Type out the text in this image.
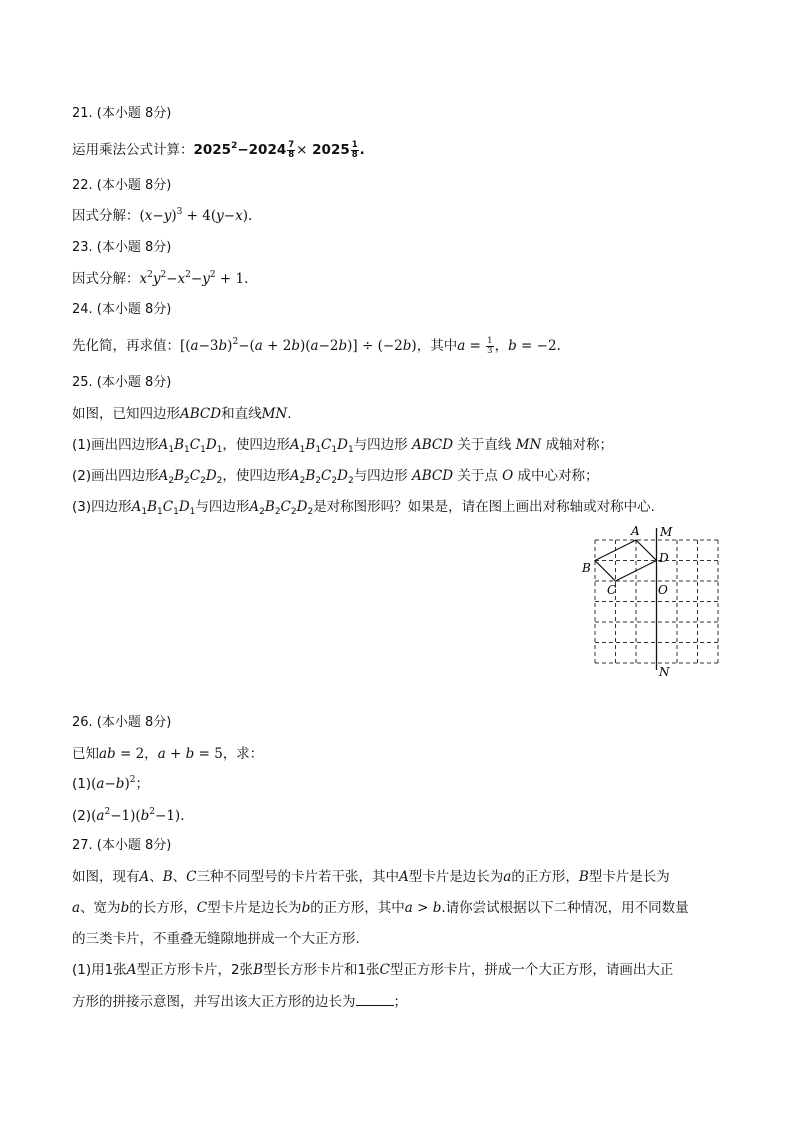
21. (本小题 8分)
运用乘法公式计算：$2025^2-2024 \frac{7}{8} \times 2025 \frac{1}{8}$ .
22. (本小题 8分)
因式分解：$(x-y)^3 + 4(y-x)$.
23. (本小题 8分)
因式分解：$x^2y^2-x^2-y^2 + 1$.
24. (本小题 8分)
先化简，再求值：$[(a-3b)^2-(a + 2b)(a-2b)] \div (-2b)$，其中$a = \frac{1}{3}$ ，b = −2.
25. (本小题 8分)
如图，已知四边形ABCD和直线MN.
(1)画出四边形$A_1B_1C_1D_1$，使四边形$A_1B_1C_1D_1$与四边形 ABCD 关于直线 MN 成轴对称；
(2)画出四边形$A_2B_2C_2D_2$，使四边形$A_2B_2C_2D_2$与四边形 ABCD 关于点 O 成中心对称；
(3)四边形$A_1B_1C_1D_1$与四边形$A_2B_2C_2D_2$是对称图形吗？如果是，请在图上画出对称轴或对称中心.
A
B
C
D
O
M
N
26. (本小题 8分)
已知ab = 2，a + b = 5，求：
$(1)(a-b)^2$；
$(2)(a^2-1)(b^2-1)$.
27. (本小题 8分)
如图，现有A、B、C三种不同型号的卡片若干张，其中A型卡片是边长为a的正方形，B型卡片是长为
a、宽为b的长方形，C型卡片是边长为b的正方形，其中a > b.请你尝试根据以下二种情况，用不同数量
的三类卡片，不重叠无缝隙地拼成一个大正方形.
(1)用1张A型正方形卡片，2张B型长方形卡片和1张C型正方形卡片，拼成一个大正方形，请画出大正
方形的拼接示意图，并写出该大正方形的边长为	；
